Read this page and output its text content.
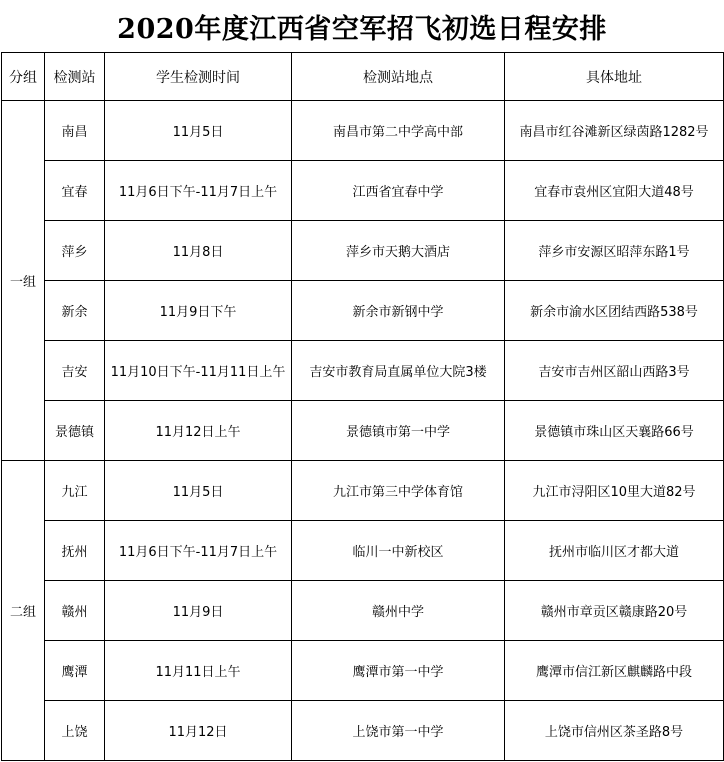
2020年度江西省空军招飞初选日程安排
分组	检测站	学生检测时间	检测站地点	具体地址
一组	南昌	11月5日	南昌市第二中学高中部	南昌市红谷滩新区绿茵路1282号
	宜春	11月6日下午-11月7日上午	江西省宜春中学	宜春市袁州区宜阳大道48号
	萍乡	11月8日	萍乡市天鹅大酒店	萍乡市安源区昭萍东路1号
	新余	11月9日下午	新余市新钢中学	新余市渝水区团结西路538号
	吉安	11月10日下午-11月11日上午	吉安市教育局直属单位大院3楼	吉安市吉州区韶山西路3号
	景德镇	11月12日上午	景德镇市第一中学	景德镇市珠山区天襄路66号
二组	九江	11月5日	九江市第三中学体育馆	九江市浔阳区10里大道82号
	抚州	11月6日下午-11月7日上午	临川一中新校区	抚州市临川区才都大道
	赣州	11月9日	赣州中学	赣州市章贡区赣康路20号
	鹰潭	11月11日上午	鹰潭市第一中学	鹰潭市信江新区麒麟路中段
	上饶	11月12日	上饶市第一中学	上饶市信州区茶圣路8号
